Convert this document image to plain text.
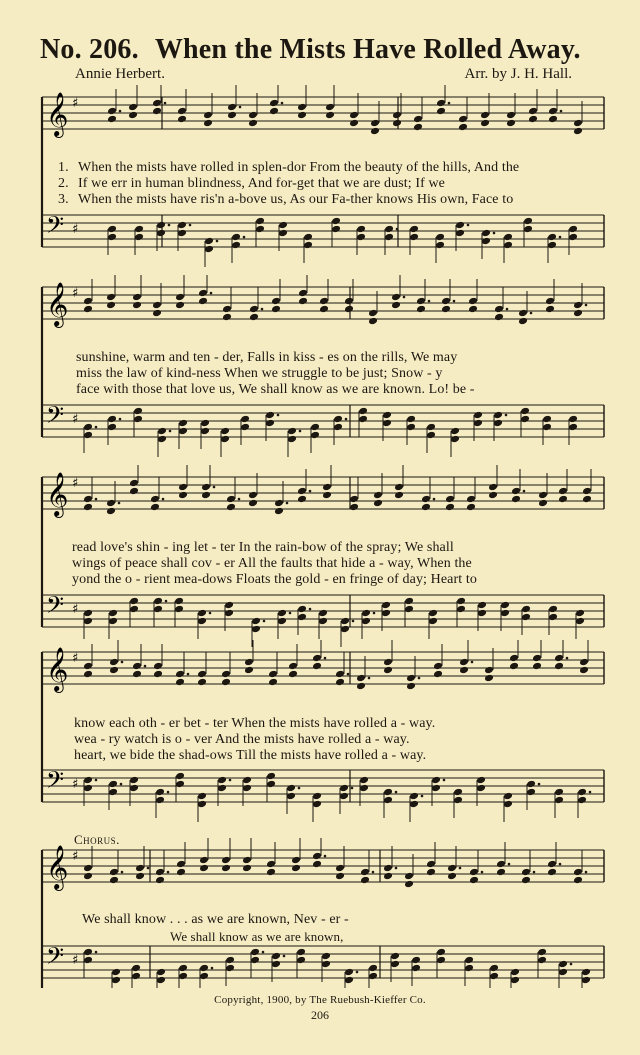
No. 206. When the Mists Have Rolled Away.
Annie Herbert.	Arr. by J. H. Hall.
𝄞 ♯
𝄢 ♯
1. When the mists have rolled in splen-dor From the beauty of the hills, And the
2. If we err in human blindness, And for-get that we are dust; If we
3. When the mists have ris'n a-bove us, As our Fa-ther knows His own, Face to
𝄞 ♯
𝄢 ♯
sunshine, warm and ten - der, Falls in kiss - es on the rills, We may
miss the law of kind-ness When we struggle to be just; Snow - y
face with those that love us, We shall know as we are known. Lo! be -
𝄞 ♯
𝄢 ♯
read love's shin - ing let - ter In the rain-bow of the spray; We shall
wings of peace shall cov - er All the faults that hide a - way, When the
yond the o - rient mea-dows Floats the gold - en fringe of day; Heart to
𝄞 ♯
𝄢 ♯
know each oth - er bet - ter When the mists have rolled a - way.
wea - ry watch is o - ver And the mists have rolled a - way.
heart, we bide the shad-ows Till the mists have rolled a - way.
Chorus.
𝄞 ♯
𝄢 ♯
We shall know . . . as we are known, Nev - er -
We shall know as we are known,
Copyright, 1900, by The Ruebush-Kieffer Co.
206
